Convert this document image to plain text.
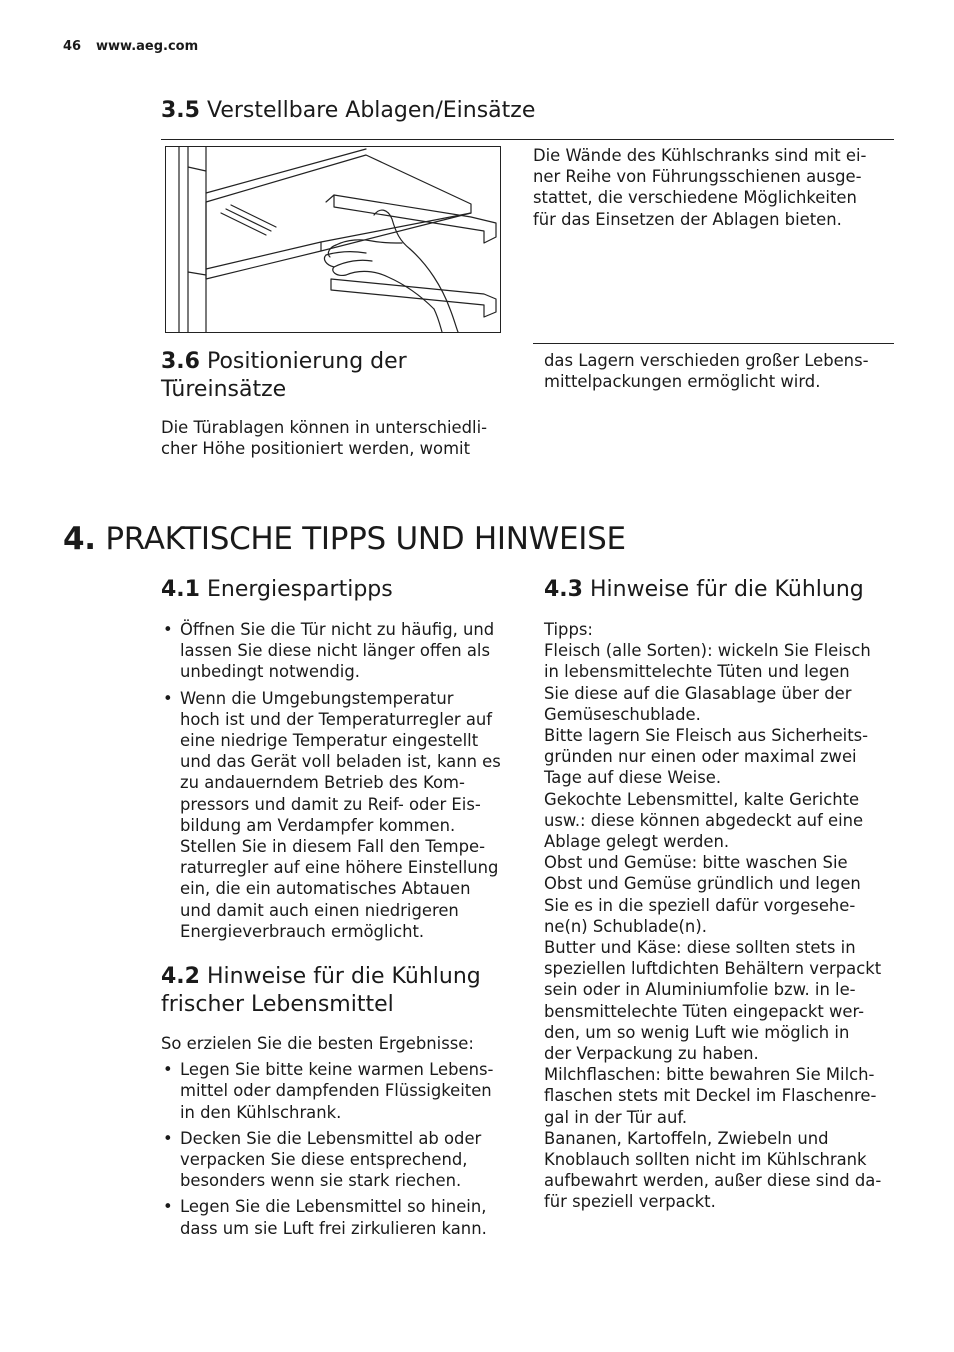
46 www.aeg.com
3.5 Verstellbare Ablagen/Einsätze
Die Wände des Kühlschranks sind mit ei-
ner Reihe von Führungsschienen ausge-
stattet, die verschiedene Möglichkeiten
für das Einsetzen der Ablagen bieten.
3.6 Positionierung der
Türeinsätze
Die Türablagen können in unterschiedli-
cher Höhe positioniert werden, womit
das Lagern verschieden großer Lebens-
mittelpackungen ermöglicht wird.
4. PRAKTISCHE TIPPS UND HINWEISE
4.1 Energiespartipps
• Öffnen Sie die Tür nicht zu häufig, und
lassen Sie diese nicht länger offen als
unbedingt notwendig.
• Wenn die Umgebungstemperatur
hoch ist und der Temperaturregler auf
eine niedrige Temperatur eingestellt
und das Gerät voll beladen ist, kann es
zu andauerndem Betrieb des Kom-
pressors und damit zu Reif- oder Eis-
bildung am Verdampfer kommen.
Stellen Sie in diesem Fall den Tempe-
raturregler auf eine höhere Einstellung
ein, die ein automatisches Abtauen
und damit auch einen niedrigeren
Energieverbrauch ermöglicht.
4.2 Hinweise für die Kühlung
frischer Lebensmittel
So erzielen Sie die besten Ergebnisse:
• Legen Sie bitte keine warmen Lebens-
mittel oder dampfenden Flüssigkeiten
in den Kühlschrank.
• Decken Sie die Lebensmittel ab oder
verpacken Sie diese entsprechend,
besonders wenn sie stark riechen.
• Legen Sie die Lebensmittel so hinein,
dass um sie Luft frei zirkulieren kann.
4.3 Hinweise für die Kühlung

Tipps:

Fleisch (alle Sorten): wickeln Sie Fleisch
in lebensmittelechte Tüten und legen
Sie diese auf die Glasablage über der
Gemüseschublade.

Bitte lagern Sie Fleisch aus Sicherheits-
gründen nur einen oder maximal zwei
Tage auf diese Weise.

Gekochte Lebensmittel, kalte Gerichte
usw.: diese können abgedeckt auf eine
Ablage gelegt werden.

Obst und Gemüse: bitte waschen Sie
Obst und Gemüse gründlich und legen
Sie es in die speziell dafür vorgesehe-
ne(n) Schublade(n).

Butter und Käse: diese sollten stets in
speziellen luftdichten Behältern verpackt
sein oder in Aluminiumfolie bzw. in le-
bensmittelechte Tüten eingepackt wer-
den, um so wenig Luft wie möglich in
der Verpackung zu haben.

Milchflaschen: bitte bewahren Sie Milch-
flaschen stets mit Deckel im Flaschenre-
gal in der Tür auf.

Bananen, Kartoffeln, Zwiebeln und
Knoblauch sollten nicht im Kühlschrank
aufbewahrt werden, außer diese sind da-
für speziell verpackt.
